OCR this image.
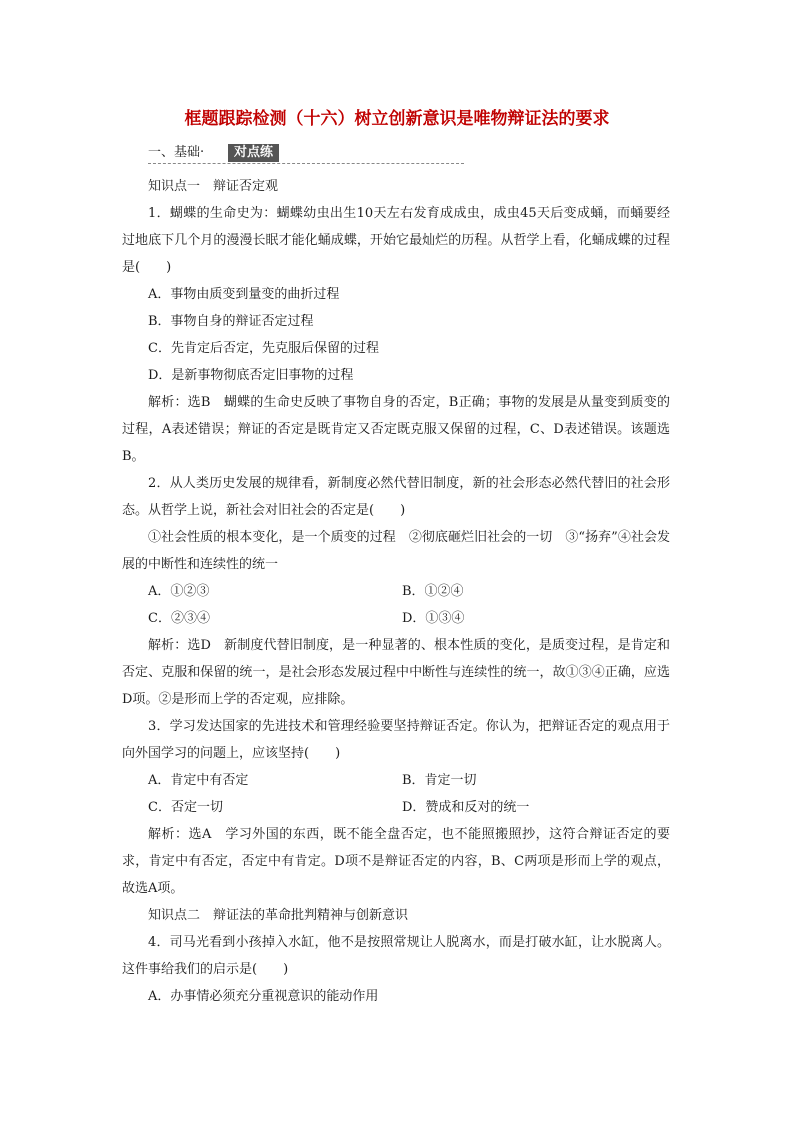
框题跟踪检测（十六）树立创新意识是唯物辩证法的要求
一、基础·	对点练

知识点一　辩证否定观

1．蝴蝶的生命史为：蝴蝶幼虫出生10天左右发育成成虫，成虫45天后变成蛹，而蛹要经过地底下几个月的漫漫长眠才能化蛹成蝶，开始它最灿烂的历程。从哲学上看，化蛹成蝶的过程是(　　)

A．事物由质变到量变的曲折过程

B．事物自身的辩证否定过程

C．先肯定后否定，先克服后保留的过程

D．是新事物彻底否定旧事物的过程

解析：选B　蝴蝶的生命史反映了事物自身的否定，B正确；事物的发展是从量变到质变的过程，A表述错误；辩证的否定是既肯定又否定既克服又保留的过程，C、D表述错误。该题选B。

2．从人类历史发展的规律看，新制度必然代替旧制度，新的社会形态必然代替旧的社会形态。从哲学上说，新社会对旧社会的否定是(　　)

①社会性质的根本变化，是一个质变的过程　②彻底砸烂旧社会的一切　③“扬弃”④社会发展的中断性和连续性的统一

A．①②③	B．①②④
C．②③④	D．①③④

解析：选D　新制度代替旧制度，是一种显著的、根本性质的变化，是质变过程，是肯定和否定、克服和保留的统一，是社会形态发展过程中中断性与连续性的统一，故①③④正确，应选D项。②是形而上学的否定观，应排除。

3．学习发达国家的先进技术和管理经验要坚持辩证否定。你认为，把辩证否定的观点用于向外国学习的问题上，应该坚持(　　)

A．肯定中有否定	B．肯定一切
C．否定一切	D．赞成和反对的统一

解析：选A　学习外国的东西，既不能全盘否定，也不能照搬照抄，这符合辩证否定的要求，肯定中有否定，否定中有肯定。D项不是辩证否定的内容，B、C两项是形而上学的观点，故选A项。

知识点二　辩证法的革命批判精神与创新意识

4．司马光看到小孩掉入水缸，他不是按照常规让人脱离水，而是打破水缸，让水脱离人。这件事给我们的启示是(　　)

A．办事情必须充分重视意识的能动作用
